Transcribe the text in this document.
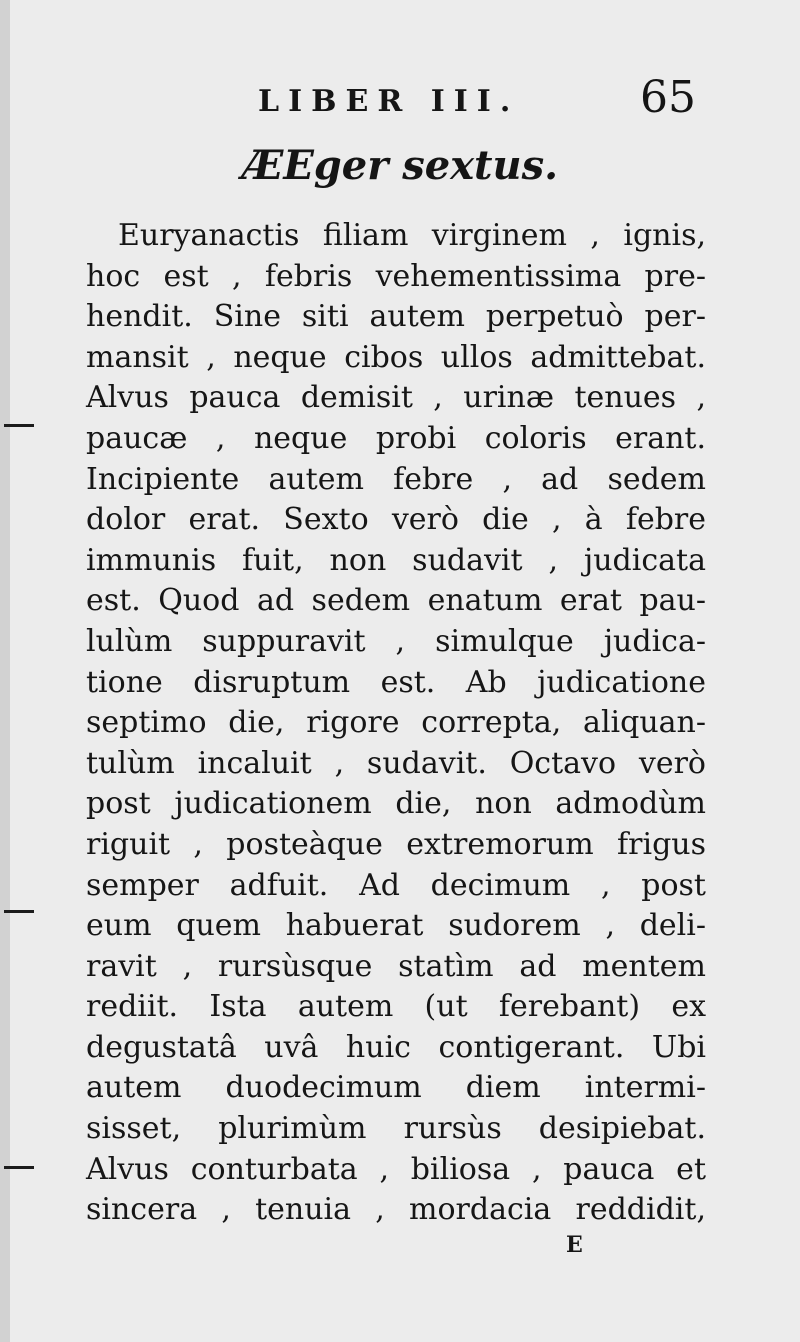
LIBER III.	65
ÆEger sextus.
Euryanactis filiam virginem , ignis,
hoc est , febris vehementissima pre-
hendit. Sine siti autem perpetuò per-
mansit , neque cibos ullos admittebat.
Alvus pauca demisit , urinæ tenues ,
paucæ , neque probi coloris erant.
Incipiente autem febre , ad sedem
dolor erat. Sexto verò die , à febre
immunis fuit, non sudavit , judicata
est. Quod ad sedem enatum erat pau-
lulùm suppuravit , simulque judica-
tione disruptum est. Ab judicatione
septimo die, rigore correpta, aliquan-
tulùm incaluit , sudavit. Octavo verò
post judicationem die, non admodùm
riguit , posteàque extremorum frigus
semper adfuit. Ad decimum , post
eum quem habuerat sudorem , deli-
ravit , rursùsque statìm ad mentem
rediit. Ista autem (ut ferebant) ex
degustatâ uvâ huic contigerant. Ubi
autem duodecimum diem intermi-
sisset, plurimùm rursùs desipiebat.
Alvus conturbata , biliosa , pauca et
sincera , tenuia , mordacia reddidit,
E
